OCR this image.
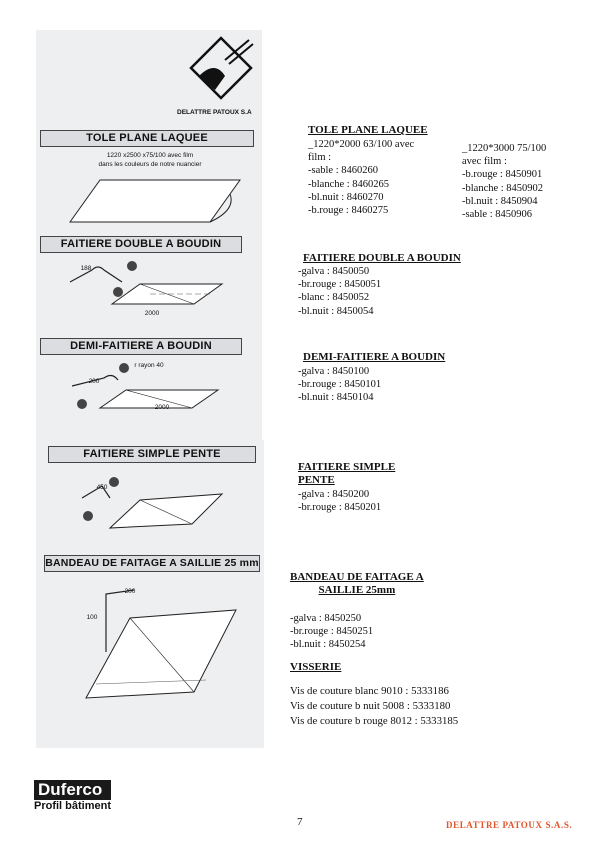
DELATTRE PATOUX S.A
TOLE PLANE LAQUEE
1220 x2500 x75/100 avec film
dans les couleurs de notre nuancier
FAITIERE DOUBLE A BOUDIN
188
2000
DEMI-FAITIERE A BOUDIN
200
r rayon 40
2000
FAITIERE SIMPLE PENTE
450
BANDEAU DE FAITAGE A SAILLIE 25 mm
200
100
TOLE PLANE LAQUEE
_1220*2000 63/100 avec
film :
-sable : 8460260
-blanche : 8460265
-bl.nuit : 8460270
-b.rouge : 8460275
_1220*3000 75/100
avec film :
-b.rouge : 8450901
-blanche : 8450902
-bl.nuit : 8450904
-sable : 8450906
FAITIERE DOUBLE A BOUDIN
-galva : 8450050
-br.rouge : 8450051
-blanc : 8450052
-bl.nuit : 8450054
DEMI-FAITIERE A BOUDIN
-galva : 8450100
-br.rouge : 8450101
-bl.nuit : 8450104
FAITIERE SIMPLE
PENTE
-galva : 8450200
-br.rouge : 8450201
BANDEAU DE FAITAGE A
SAILLIE 25mm
-galva : 8450250
-br.rouge : 8450251
-bl.nuit : 8450254
VISSERIE
Vis de couture blanc 9010 : 5333186
Vis de couture b nuit 5008 : 5333180
Vis de couture b rouge 8012 : 5333185
Duferco
Profil bâtiment
7	DELATTRE PATOUX S.A.S.
